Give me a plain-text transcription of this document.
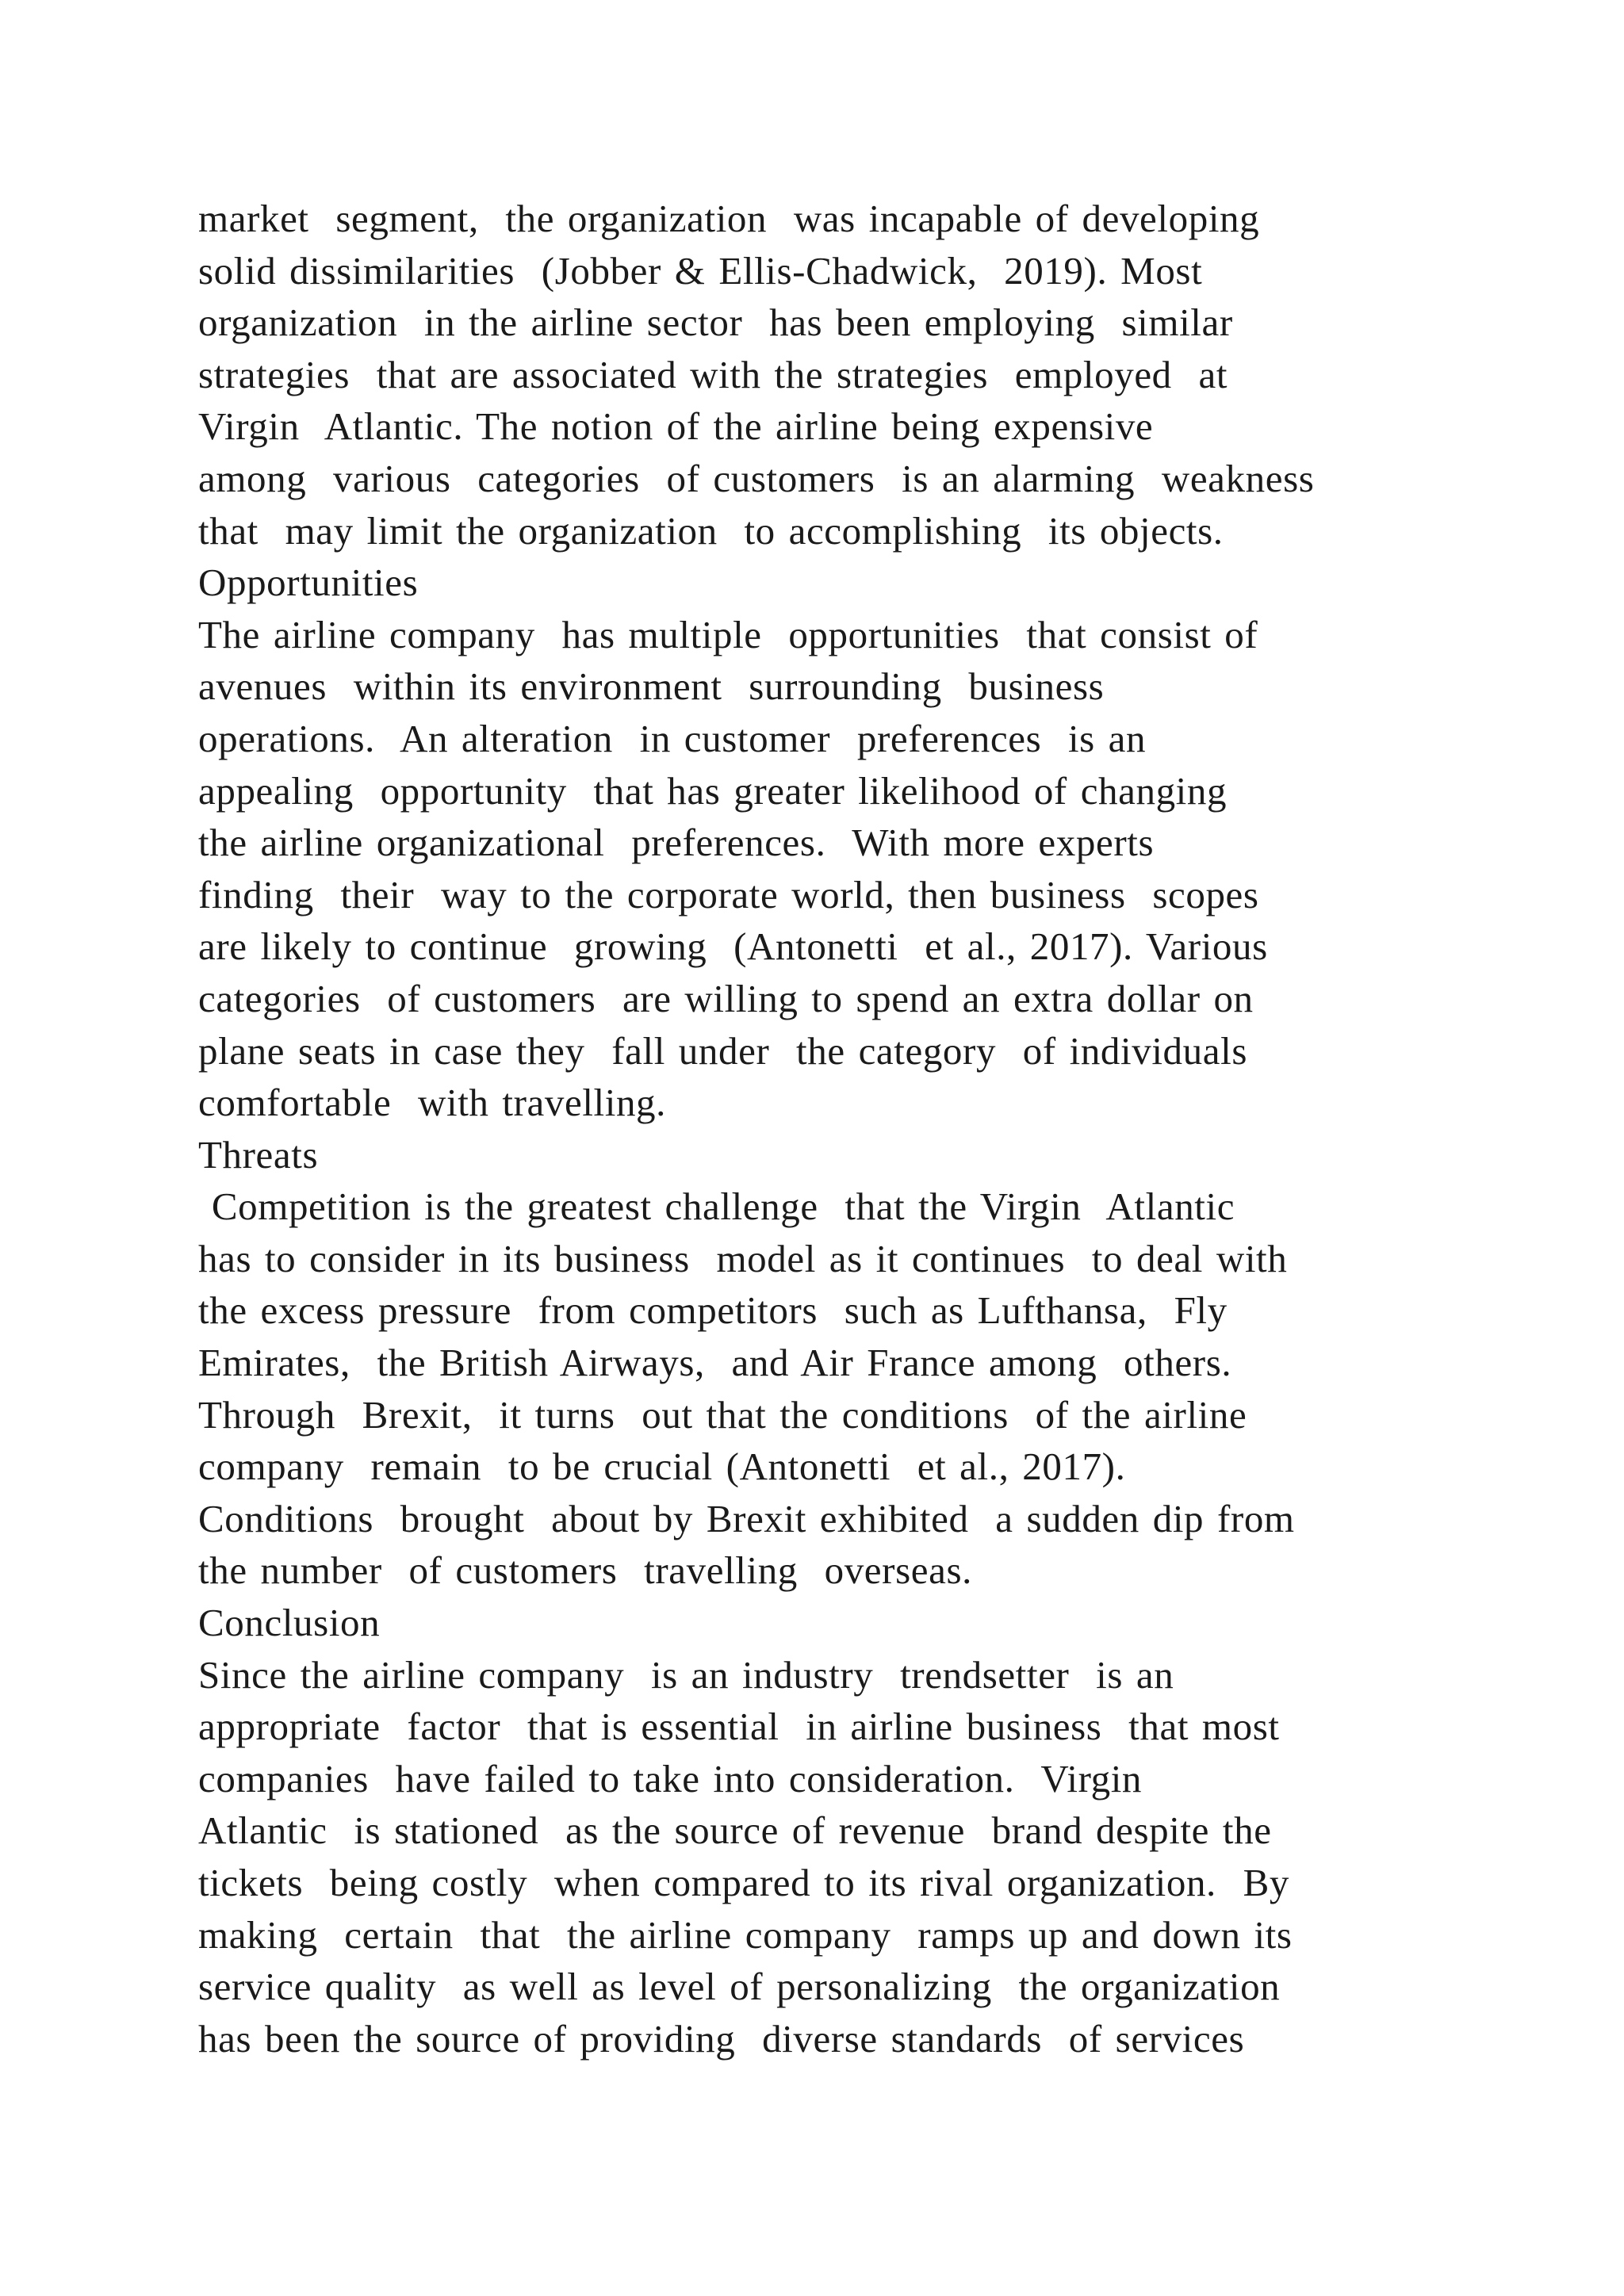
market  segment,  the organization  was incapable of developing
solid dissimilarities  (Jobber & Ellis-Chadwick,  2019). Most
organization  in the airline sector  has been employing  similar
strategies  that are associated with the strategies  employed  at
Virgin  Atlantic. The notion of the airline being expensive
among  various  categories  of customers  is an alarming  weakness
that  may limit the organization  to accomplishing  its objects.
Opportunities
The airline company  has multiple  opportunities  that consist of
avenues  within its environment  surrounding  business
operations.  An alteration  in customer  preferences  is an
appealing  opportunity  that has greater likelihood of changing
the airline organizational  preferences.  With more experts
finding  their  way to the corporate world, then business  scopes
are likely to continue  growing  (Antonetti  et al., 2017). Various
categories  of customers  are willing to spend an extra dollar on
plane seats in case they  fall under  the category  of individuals
comfortable  with travelling.
Threats
Competition is the greatest challenge  that the Virgin  Atlantic
has to consider in its business  model as it continues  to deal with
the excess pressure  from competitors  such as Lufthansa,  Fly
Emirates,  the British Airways,  and Air France among  others.
Through  Brexit,  it turns  out that the conditions  of the airline
company  remain  to be crucial (Antonetti  et al., 2017).
Conditions  brought  about by Brexit exhibited  a sudden dip from
the number  of customers  travelling  overseas.
Conclusion
Since the airline company  is an industry  trendsetter  is an
appropriate  factor  that is essential  in airline business  that most
companies  have failed to take into consideration.  Virgin
Atlantic  is stationed  as the source of revenue  brand despite the
tickets  being costly  when compared to its rival organization.  By
making  certain  that  the airline company  ramps up and down its
service quality  as well as level of personalizing  the organization
has been the source of providing  diverse standards  of services
